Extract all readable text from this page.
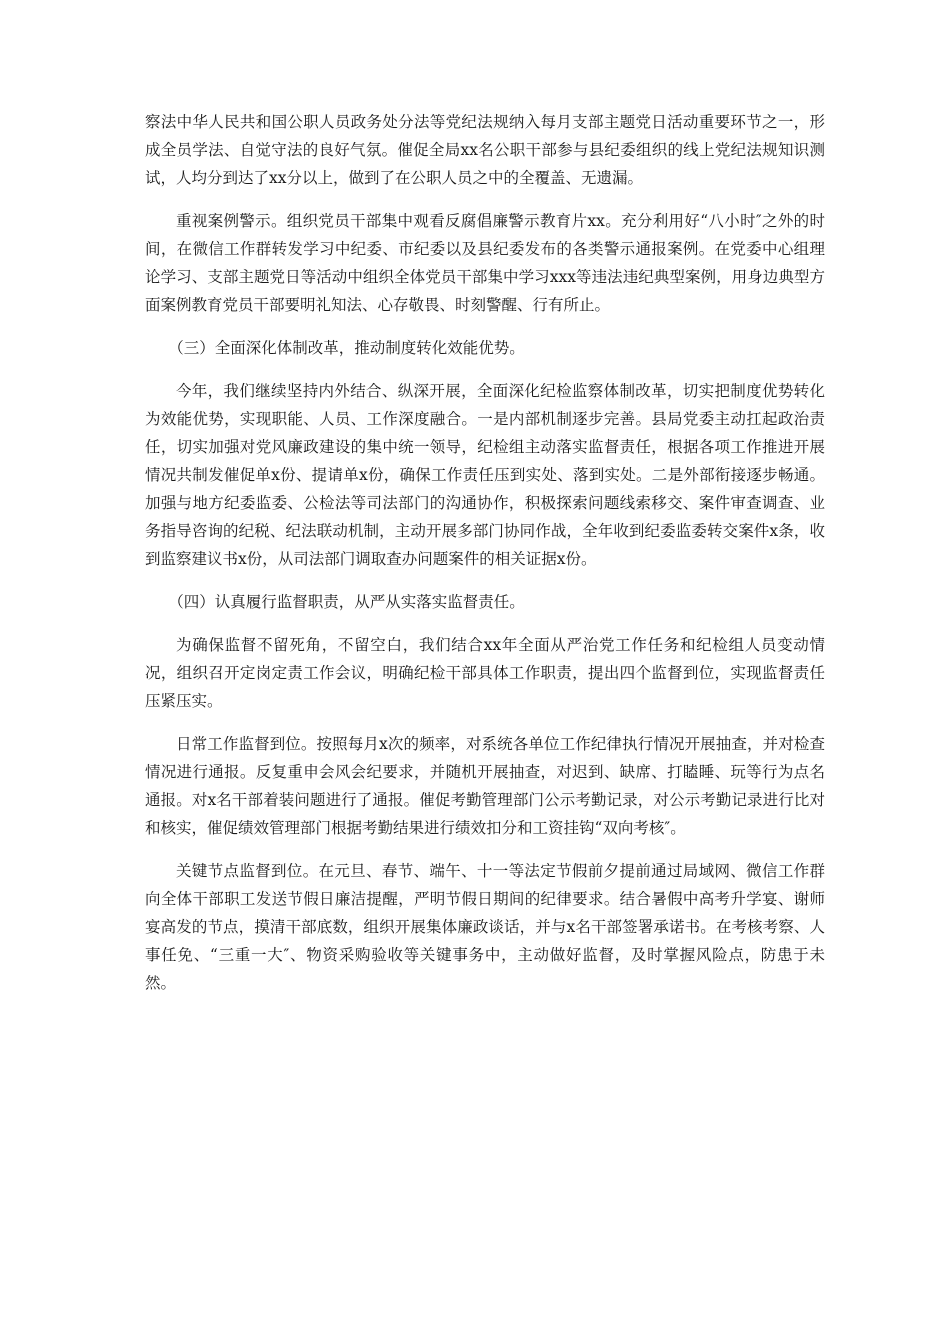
察法中华人民共和国公职人员政务处分法等党纪法规纳入每月支部主题党日活动重要环节之一，形成全员学法、自觉守法的良好气氛。催促全局xx名公职干部参与县纪委组织的线上党纪法规知识测试，人均分到达了xx分以上，做到了在公职人员之中的全覆盖、无遗漏。

重视案例警示。组织党员干部集中观看反腐倡廉警示教育片xx。充分利用好“八小时″之外的时间，在微信工作群转发学习中纪委、市纪委以及县纪委发布的各类警示通报案例。在党委中心组理论学习、支部主题党日等活动中组织全体党员干部集中学习xxx等违法违纪典型案例，用身边典型方面案例教育党员干部要明礼知法、心存敬畏、时刻警醒、行有所止。

（三）全面深化体制改革，推动制度转化效能优势。

今年，我们继续坚持内外结合、纵深开展，全面深化纪检监察体制改革，切实把制度优势转化为效能优势，实现职能、人员、工作深度融合。一是内部机制逐步完善。县局党委主动扛起政治责任，切实加强对党风廉政建设的集中统一领导，纪检组主动落实监督责任，根据各项工作推进开展情况共制发催促单x份、提请单x份，确保工作责任压到实处、落到实处。二是外部衔接逐步畅通。加强与地方纪委监委、公检法等司法部门的沟通协作，积极探索问题线索移交、案件审查调查、业务指导咨询的纪税、纪法联动机制，主动开展多部门协同作战，全年收到纪委监委转交案件x条，收到监察建议书x份，从司法部门调取查办问题案件的相关证据x份。

（四）认真履行监督职责，从严从实落实监督责任。

为确保监督不留死角，不留空白，我们结合xx年全面从严治党工作任务和纪检组人员变动情况，组织召开定岗定责工作会议，明确纪检干部具体工作职责，提出四个监督到位，实现监督责任压紧压实。

日常工作监督到位。按照每月x次的频率，对系统各单位工作纪律执行情况开展抽查，并对检查情况进行通报。反复重申会风会纪要求，并随机开展抽查，对迟到、缺席、打瞌睡、玩等行为点名通报。对x名干部着装问题进行了通报。催促考勤管理部门公示考勤记录，对公示考勤记录进行比对和核实，催促绩效管理部门根据考勤结果进行绩效扣分和工资挂钩“双向考核″。

关键节点监督到位。在元旦、春节、端午、十一等法定节假前夕提前通过局域网、微信工作群向全体干部职工发送节假日廉洁提醒，严明节假日期间的纪律要求。结合暑假中高考升学宴、谢师宴高发的节点，摸清干部底数，组织开展集体廉政谈话，并与x名干部签署承诺书。在考核考察、人事任免、“三重一大″、物资采购验收等关键事务中，主动做好监督，及时掌握风险点，防患于未然。
